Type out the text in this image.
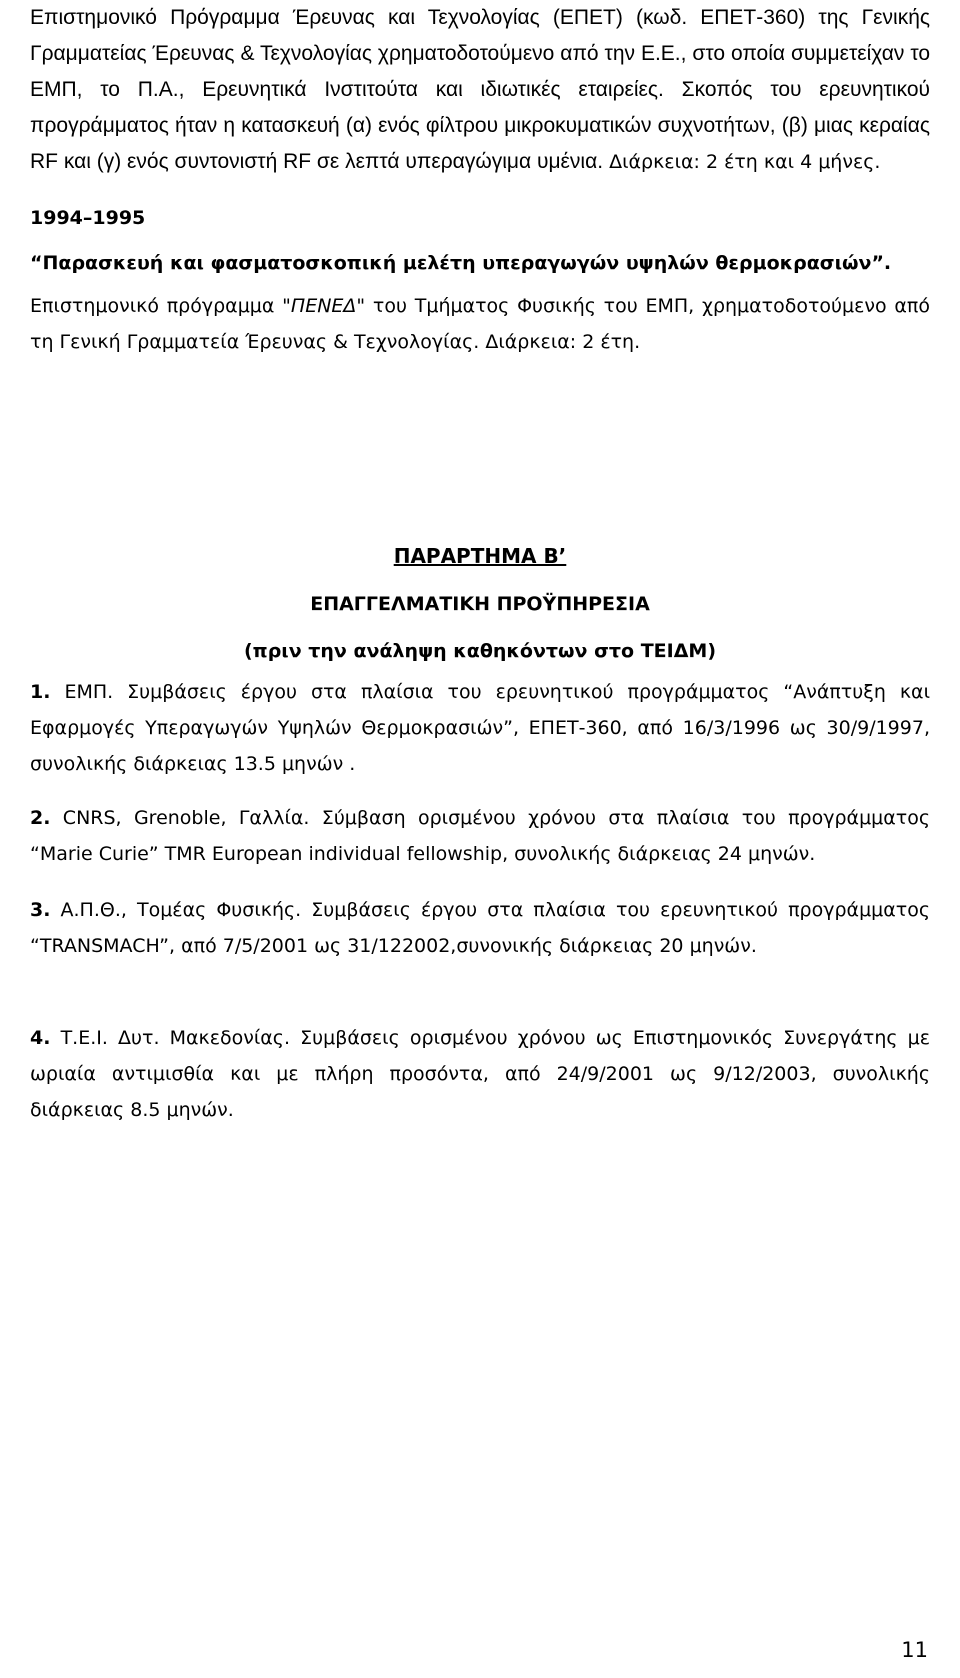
Επιστημονικό Πρόγραμμα Έρευνας και Τεχνολογίας (ΕΠΕΤ) (κωδ. ΕΠΕΤ-360) της Γενικής Γραμματείας Έρευνας & Τεχνολογίας χρηματοδοτούμενο από την Ε.Ε., στο οποία συμμετείχαν το ΕΜΠ, το Π.Α., Ερευνητικά Ινστιτούτα και ιδιωτικές εταιρείες. Σκοπός του ερευνητικού προγράμματος ήταν η κατασκευή (α) ενός φίλτρου μικροκυματικών συχνοτήτων, (β) μιας κεραίας RF και (γ) ενός συντονιστή RF σε λεπτά υπεραγώγιμα υμένια. Διάρκεια: 2 έτη και 4 μήνες.

1994–1995

“Παρασκευή και φασματοσκοπική μελέτη υπεραγωγών υψηλών θερμοκρασιών”.

Επιστημονικό πρόγραμμα "ΠΕΝΕΔ" του Τμήματος Φυσικής του ΕΜΠ, χρηματοδοτούμενο από τη Γενική Γραμματεία Έρευνας & Τεχνολογίας. Διάρκεια: 2 έτη.

ΠΑΡΑΡΤΗΜΑ Β’

ΕΠΑΓΓΕΛΜΑΤΙΚΗ ΠΡΟΫΠΗΡΕΣΙΑ

(πριν την ανάληψη καθηκόντων στο ΤΕΙΔΜ)

1. ΕΜΠ. Συμβάσεις έργου στα πλαίσια του ερευνητικού προγράμματος “Ανάπτυξη και Εφαρμογές Υπεραγωγών Υψηλών Θερμοκρασιών”, ΕΠΕΤ-360, από 16/3/1996 ως 30/9/1997, συνολικής διάρκειας 13.5 μηνών .
2. CNRS, Grenoble, Γαλλία. Σύμβαση ορισμένου χρόνου στα πλαίσια του προγράμματος “Marie Curie” TMR European individual fellowship, συνολικής διάρκειας 24 μηνών.
3. Α.Π.Θ., Τομέας Φυσικής. Συμβάσεις έργου στα πλαίσια του ερευνητικού προγράμματος “TRANSMACH”, από 7/5/2001 ως 31/122002,συνονικής διάρκειας 20 μηνών.
4. Τ.Ε.Ι. Δυτ. Μακεδονίας. Συμβάσεις ορισμένου χρόνου ως Επιστημονικός Συνεργάτης με ωριαία αντιμισθία και με πλήρη προσόντα, από 24/9/2001 ως 9/12/2003, συνολικής διάρκειας 8.5 μηνών.
11
